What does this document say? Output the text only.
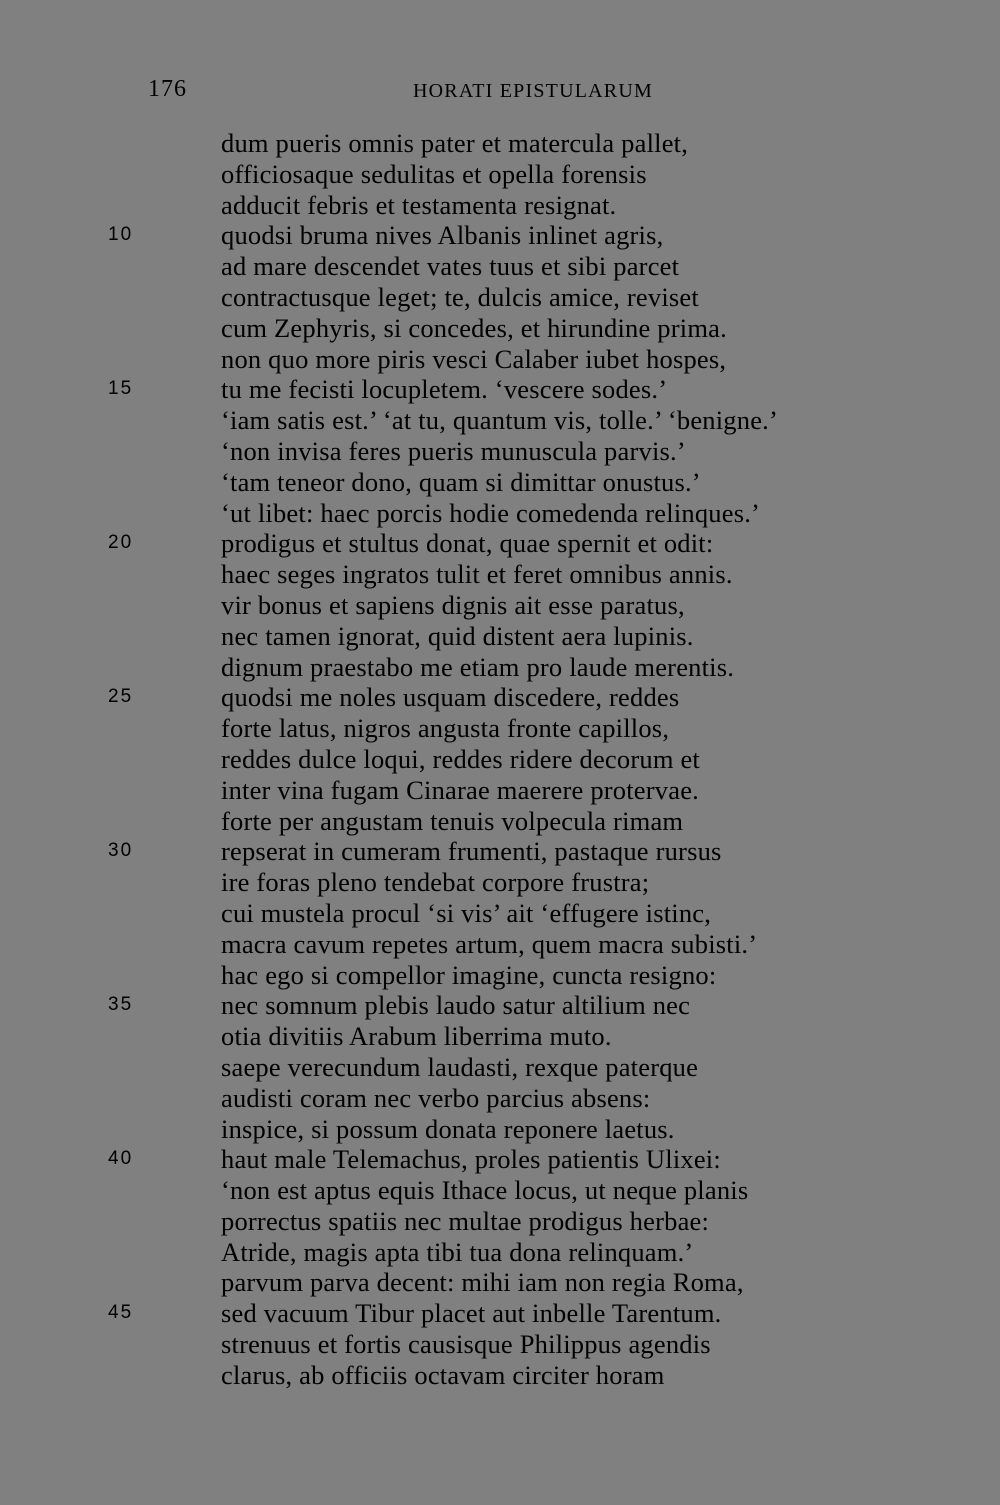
176	HORATI EPISTULARUM
dum pueris omnis pater et matercula pallet,
officiosaque sedulitas et opella forensis
adducit febris et testamenta resignat.
10	quodsi bruma nives Albanis inlinet agris,
ad mare descendet vates tuus et sibi parcet
contractusque leget; te, dulcis amice, reviset
cum Zephyris, si concedes, et hirundine prima.
non quo more piris vesci Calaber iubet hospes,
15	tu me fecisti locupletem. ‘vescere sodes.’
‘iam satis est.’ ‘at tu, quantum vis, tolle.’ ‘benigne.’
‘non invisa feres pueris munuscula parvis.’
‘tam teneor dono, quam si dimittar onustus.’
‘ut libet: haec porcis hodie comedenda relinques.’
20	prodigus et stultus donat, quae spernit et odit:
haec seges ingratos tulit et feret omnibus annis.
vir bonus et sapiens dignis ait esse paratus,
nec tamen ignorat, quid distent aera lupinis.
dignum praestabo me etiam pro laude merentis.
25	quodsi me noles usquam discedere, reddes
forte latus, nigros angusta fronte capillos,
reddes dulce loqui, reddes ridere decorum et
inter vina fugam Cinarae maerere protervae.
forte per angustam tenuis volpecula rimam
30	repserat in cumeram frumenti, pastaque rursus
ire foras pleno tendebat corpore frustra;
cui mustela procul ‘si vis’ ait ‘effugere istinc,
macra cavum repetes artum, quem macra subisti.’
hac ego si compellor imagine, cuncta resigno:
35	nec somnum plebis laudo satur altilium nec
otia divitiis Arabum liberrima muto.
saepe verecundum laudasti, rexque paterque
audisti coram nec verbo parcius absens:
inspice, si possum donata reponere laetus.
40	haut male Telemachus, proles patientis Ulixei:
‘non est aptus equis Ithace locus, ut neque planis
porrectus spatiis nec multae prodigus herbae:
Atride, magis apta tibi tua dona relinquam.’
parvum parva decent: mihi iam non regia Roma,
45	sed vacuum Tibur placet aut inbelle Tarentum.
strenuus et fortis causisque Philippus agendis
clarus, ab officiis octavam circiter horam
